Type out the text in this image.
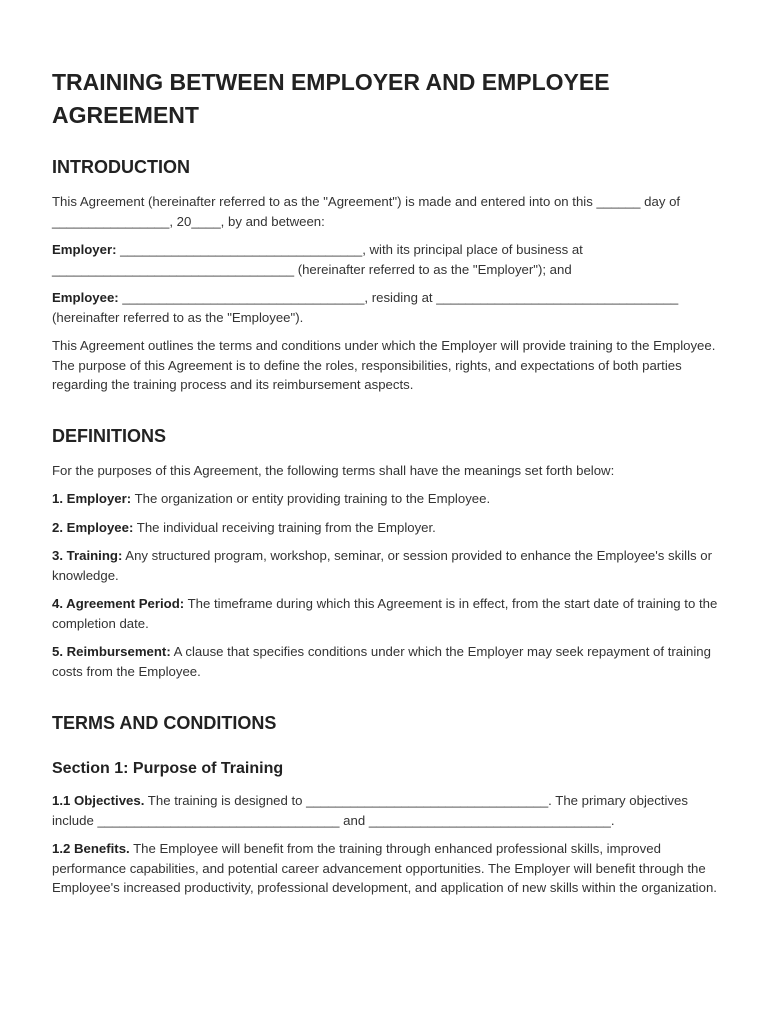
TRAINING BETWEEN EMPLOYER AND EMPLOYEE AGREEMENT
INTRODUCTION
This Agreement (hereinafter referred to as the "Agreement") is made and entered into on this ______ day of ________________, 20____, by and between:
Employer: _________________________________, with its principal place of business at _________________________________ (hereinafter referred to as the "Employer"); and
Employee: _________________________________, residing at _________________________________ (hereinafter referred to as the "Employee").
This Agreement outlines the terms and conditions under which the Employer will provide training to the Employee. The purpose of this Agreement is to define the roles, responsibilities, rights, and expectations of both parties regarding the training process and its reimbursement aspects.
DEFINITIONS
For the purposes of this Agreement, the following terms shall have the meanings set forth below:
1. Employer: The organization or entity providing training to the Employee.
2. Employee: The individual receiving training from the Employer.
3. Training: Any structured program, workshop, seminar, or session provided to enhance the Employee's skills or knowledge.
4. Agreement Period: The timeframe during which this Agreement is in effect, from the start date of training to the completion date.
5. Reimbursement: A clause that specifies conditions under which the Employer may seek repayment of training costs from the Employee.
TERMS AND CONDITIONS
Section 1: Purpose of Training
1.1 Objectives. The training is designed to _________________________________. The primary objectives include _________________________________ and _________________________________.
1.2 Benefits. The Employee will benefit from the training through enhanced professional skills, improved performance capabilities, and potential career advancement opportunities. The Employer will benefit through the Employee's increased productivity, professional development, and application of new skills within the organization.
